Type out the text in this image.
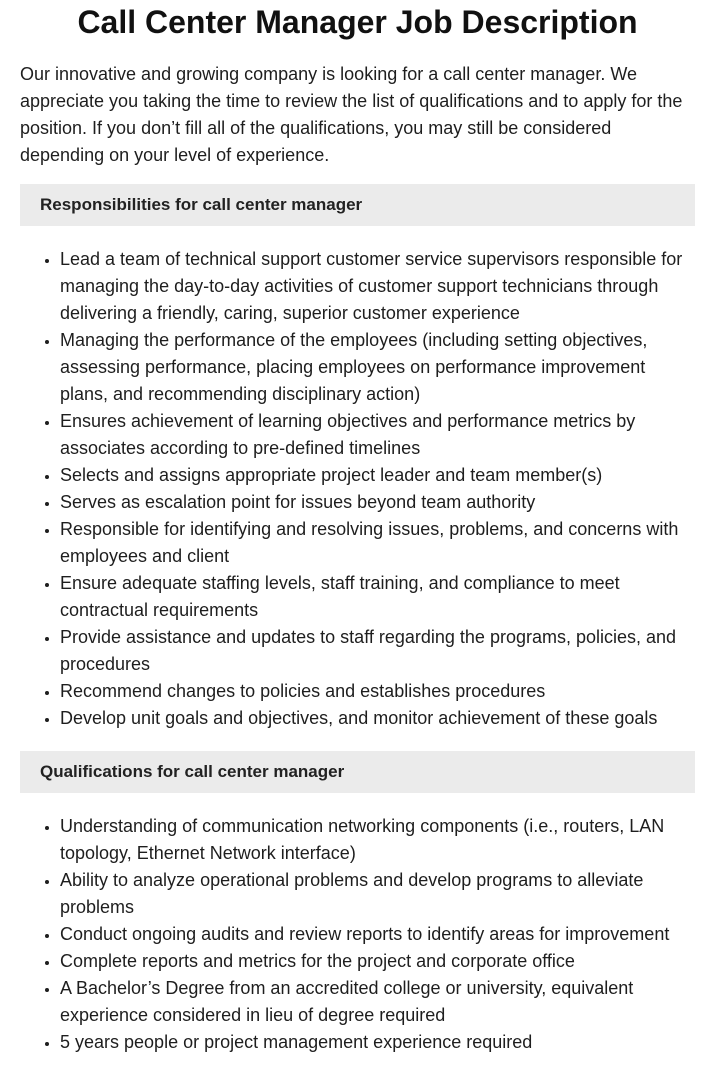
Call Center Manager Job Description

Our innovative and growing company is looking for a call center manager. We appreciate you taking the time to review the list of qualifications and to apply for the position. If you don’t fill all of the qualifications, you may still be considered depending on your level of experience.

Responsibilities for call center manager
• Lead a team of technical support customer service supervisors responsible for managing the day-to-day activities of customer support technicians through delivering a friendly, caring, superior customer experience
• Managing the performance of the employees (including setting objectives, assessing performance, placing employees on performance improvement plans, and recommending disciplinary action)
• Ensures achievement of learning objectives and performance metrics by associates according to pre-defined timelines
• Selects and assigns appropriate project leader and team member(s)
• Serves as escalation point for issues beyond team authority
• Responsible for identifying and resolving issues, problems, and concerns with employees and client
• Ensure adequate staffing levels, staff training, and compliance to meet contractual requirements
• Provide assistance and updates to staff regarding the programs, policies, and procedures
• Recommend changes to policies and establishes procedures
• Develop unit goals and objectives, and monitor achievement of these goals
Qualifications for call center manager
• Understanding of communication networking components (i.e., routers, LAN topology, Ethernet Network interface)
• Ability to analyze operational problems and develop programs to alleviate problems
• Conduct ongoing audits and review reports to identify areas for improvement
• Complete reports and metrics for the project and corporate office
• A Bachelor’s Degree from an accredited college or university, equivalent experience considered in lieu of degree required
• 5 years people or project management experience required
